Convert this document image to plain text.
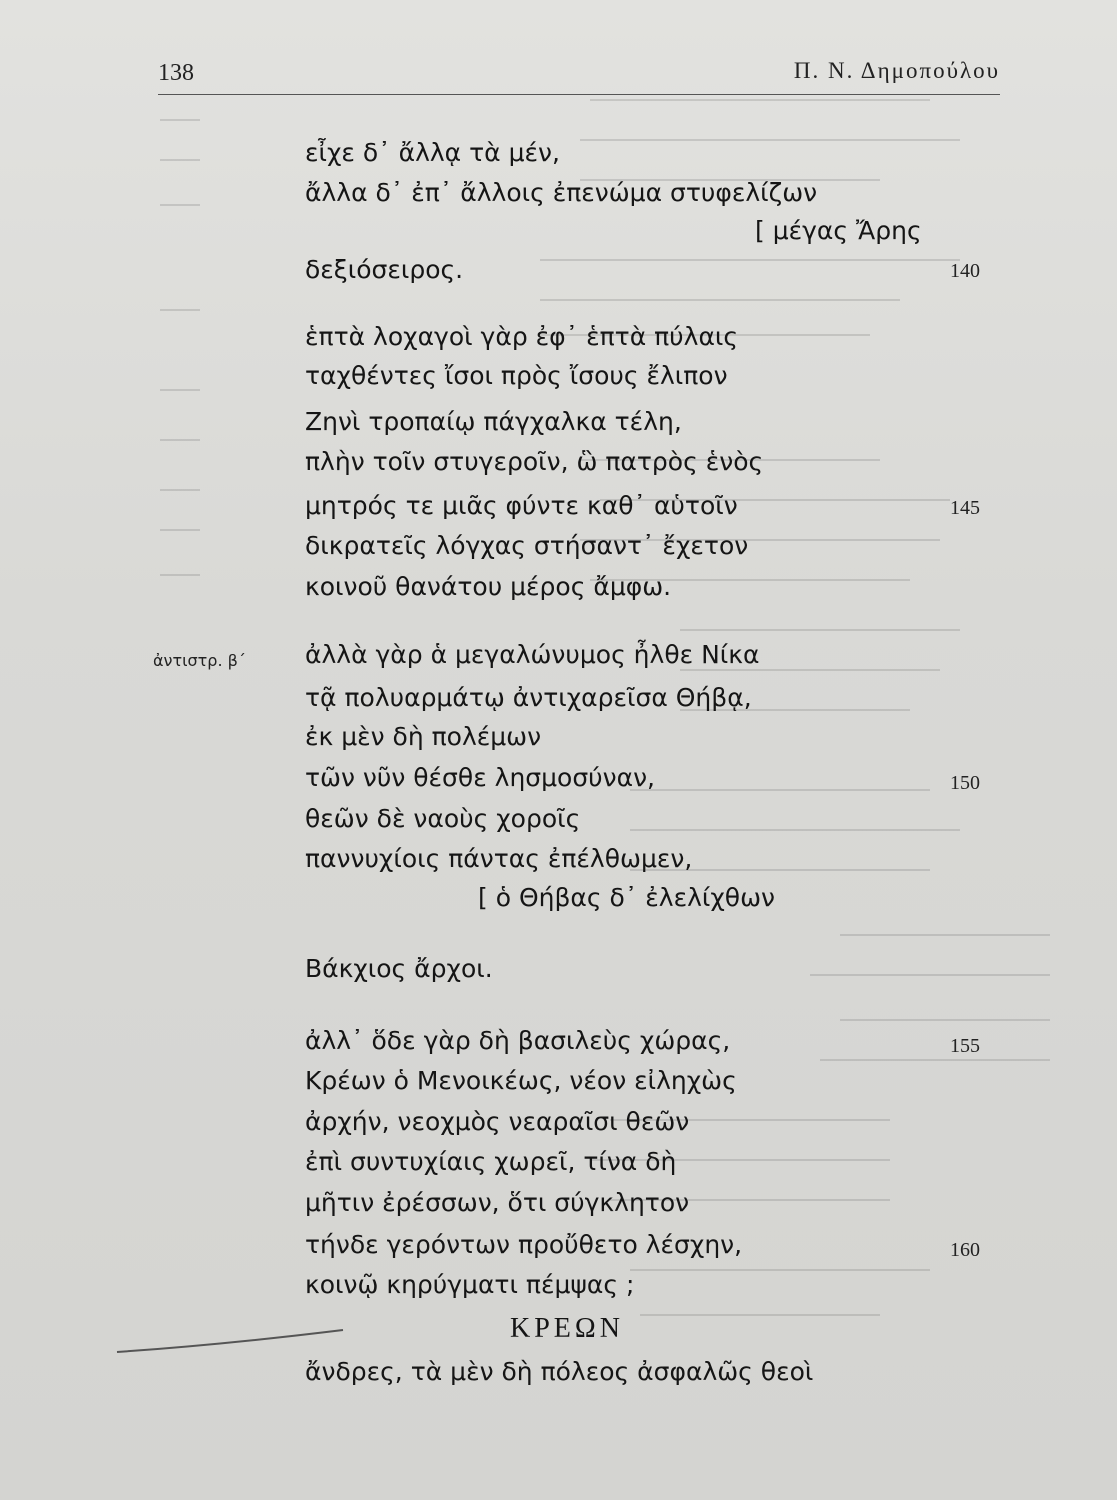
138	Π. Ν. Δημοπούλου
εἶχε δ᾽ ἄλλᾳ τὰ μέν,
ἄλλα δ᾽ ἐπ᾽ ἄλλοις ἐπενώμα στυφελίζων
[ μέγας Ἄρης
δεξιόσειρος.	140
ἑπτὰ λοχαγοὶ γὰρ ἐφ᾽ ἑπτὰ πύλαις
ταχθέντες ἴσοι πρὸς ἴσους ἔλιπον
Ζηνὶ τροπαίῳ πάγχαλκα τέλη,
πλὴν τοῖν στυγεροῖν, ὣ πατρὸς ἑνὸς
μητρός τε μιᾶς φύντε καθ᾽ αὑτοῖν	145
δικρατεῖς λόγχας στήσαντ᾽ ἔχετον
κοινοῦ θανάτου μέρος ἄμφω.
ἀντιστρ. β΄ ἀλλὰ γὰρ ἁ μεγαλώνυμος ἦλθε Νίκα
τᾷ πολυαρμάτῳ ἀντιχαρεῖσα Θήβᾳ,
ἐκ μὲν δὴ πολέμων
τῶν νῦν θέσθε λησμοσύναν,	150
θεῶν δὲ ναοὺς χοροῖς
παννυχίοις πάντας ἐπέλθωμεν,
[ ὁ Θήβας δ᾽ ἐλελίχθων
Βάκχιος ἄρχοι.
ἀλλ᾽ ὅδε γὰρ δὴ βασιλεὺς χώρας,	155
Κρέων ὁ Μενοικέως, νέον εἰληχὼς
ἀρχήν, νεοχμὸς νεαραῖσι θεῶν
ἐπὶ συντυχίαις χωρεῖ, τίνα δὴ
μῆτιν ἐρέσσων, ὅτι σύγκλητον
τήνδε γερόντων προὔθετο λέσχην,	160
κοινῷ κηρύγματι πέμψας ;
ΚΡΕΩΝ
ἄνδρες, τὰ μὲν δὴ πόλεος ἀσφαλῶς θεοὶ
